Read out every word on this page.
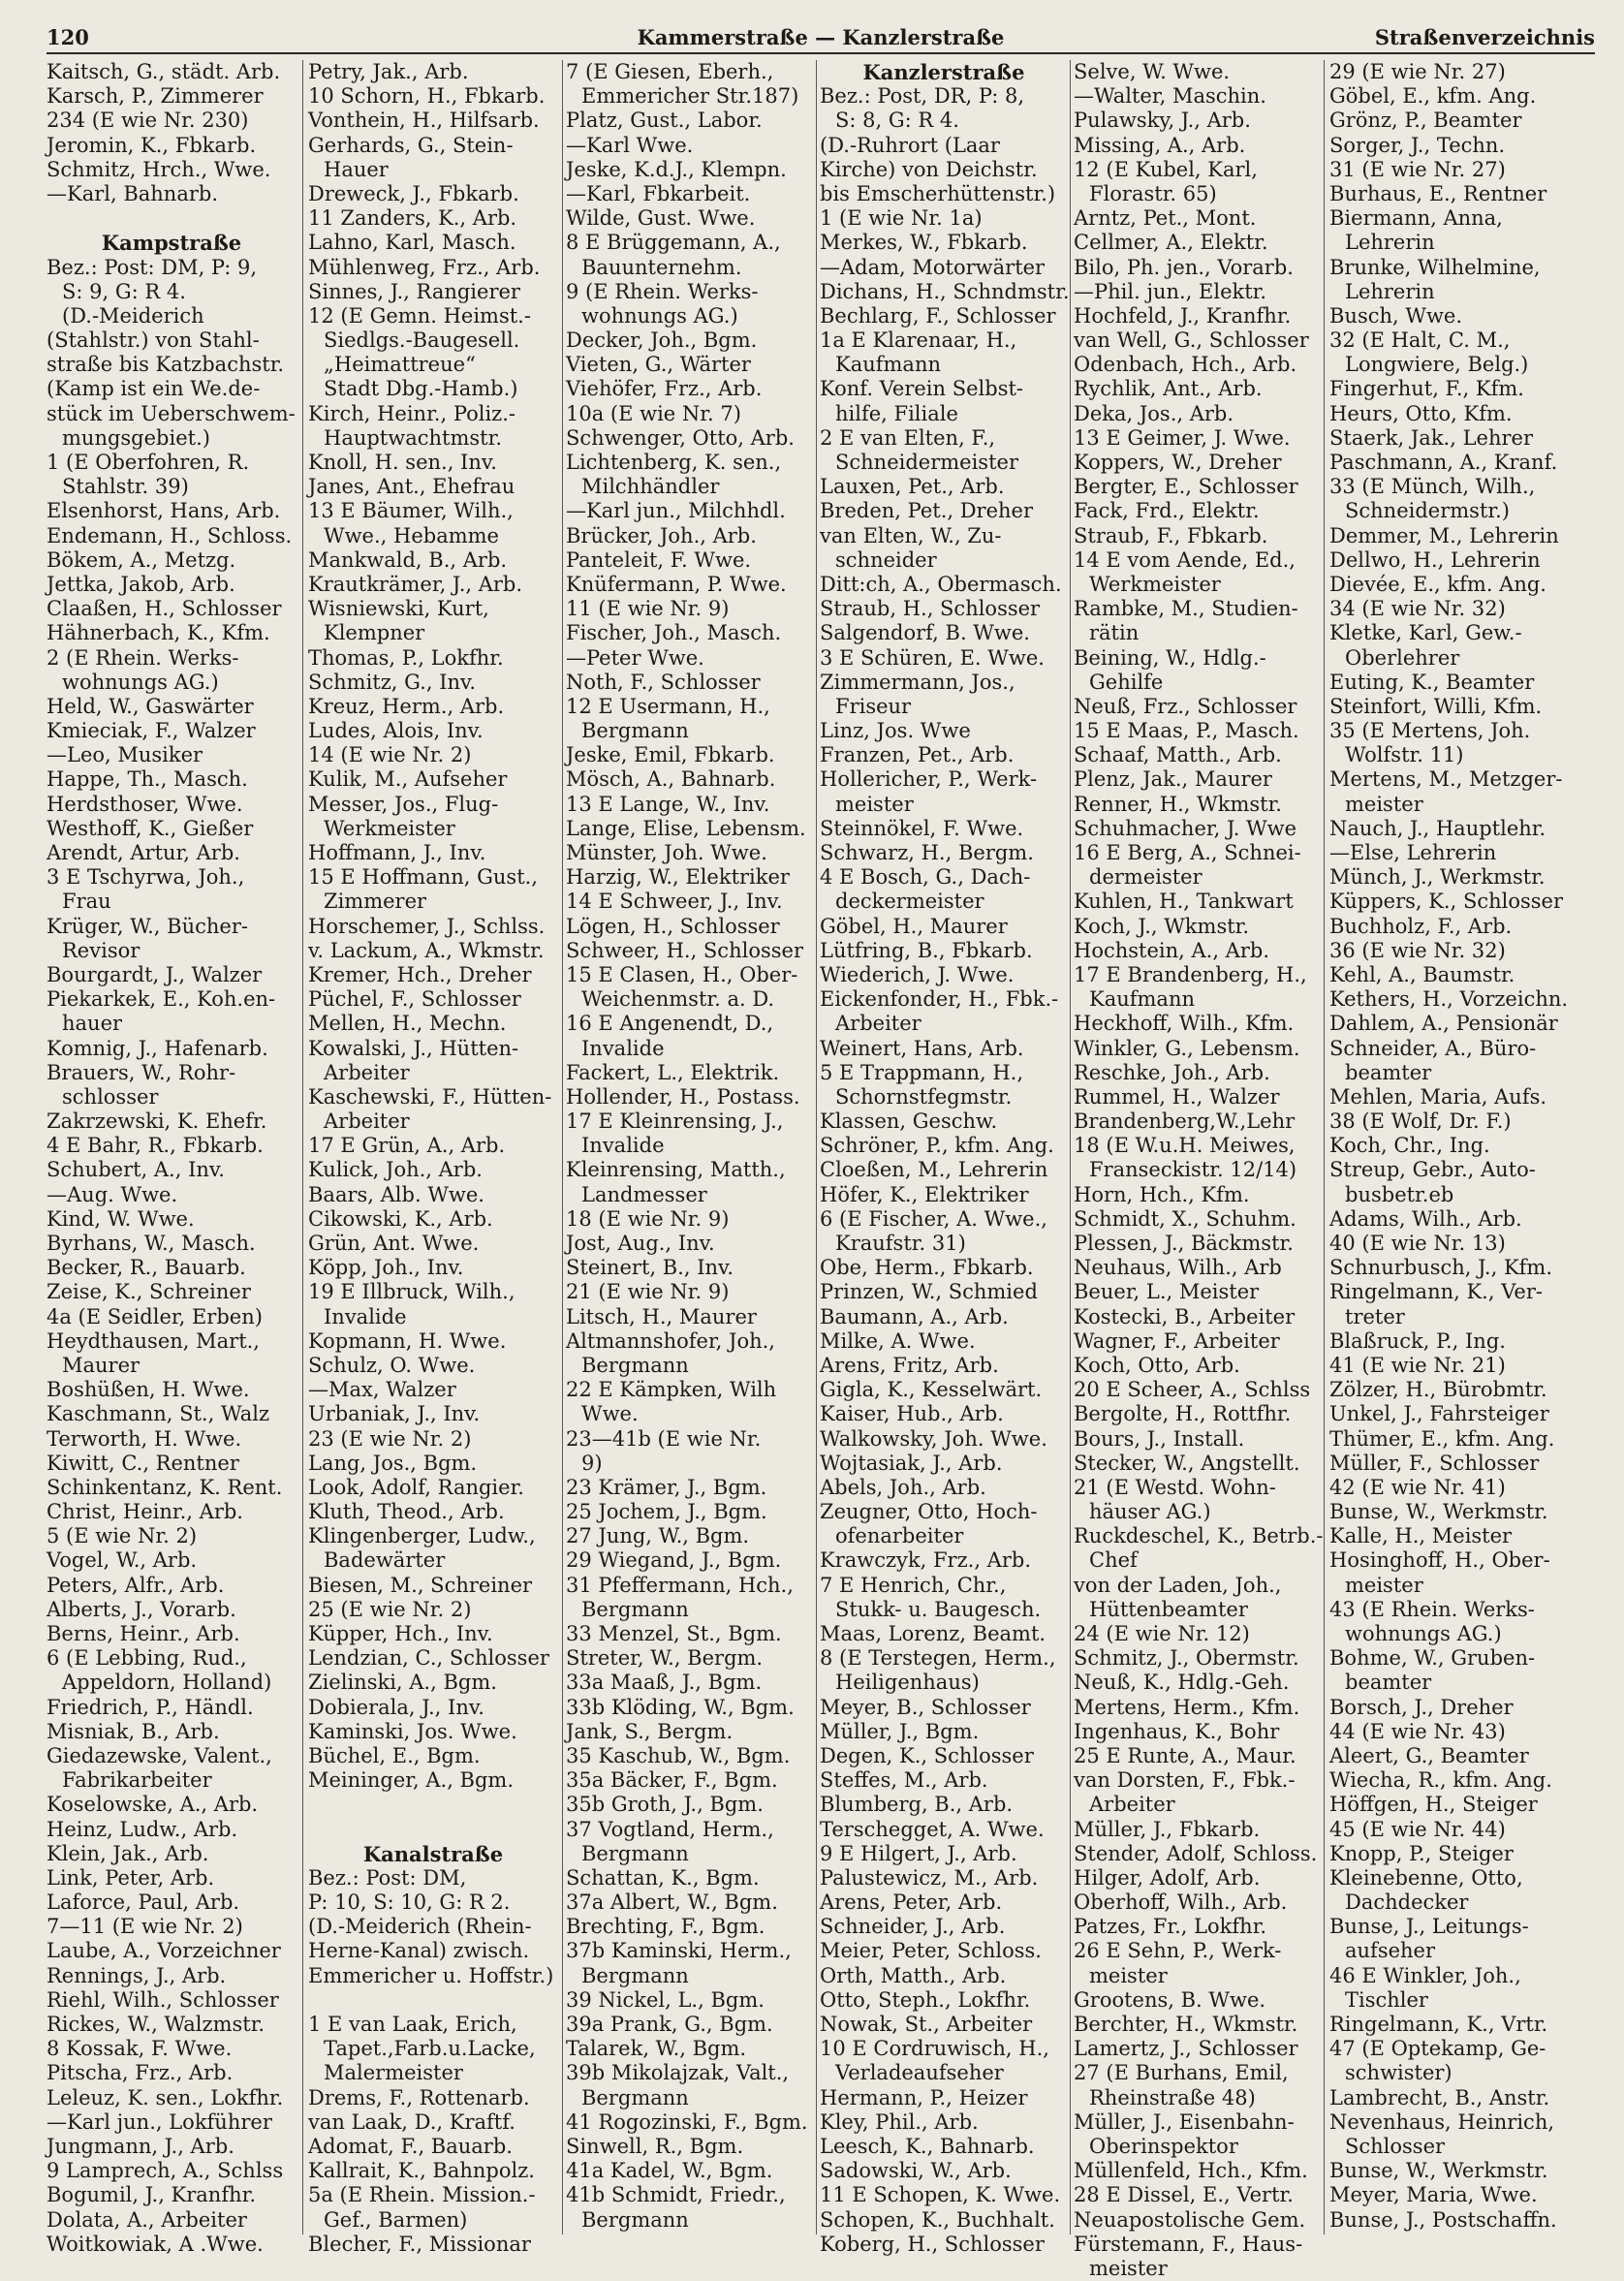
120	Kammerstraße — Kanzlerstraße	Straßenverzeichnis
Kaitsch, G., städt. Arb.
Karsch, P., Zimmerer
234 (E wie Nr. 230)
Jeromin, K., Fbkarb.
Schmitz, Hrch., Wwe.
—Karl, Bahnarb.
Kampstraße
Bez.: Post: DM, P: 9,
S: 9, G: R 4.
(D.-Meiderich
(Stahlstr.) von Stahl-
straße bis Katzbachstr.
(Kamp ist ein We.de-
stück im Ueberschwem-
mungsgebiet.)
1 (E Oberfohren, R.
Stahlstr. 39)
Elsenhorst, Hans, Arb.
Endemann, H., Schloss.
Bökem, A., Metzg.
Jettka, Jakob, Arb.
Claaßen, H., Schlosser
Hähnerbach, K., Kfm.
2 (E Rhein. Werks-
wohnungs AG.)
Held, W., Gaswärter
Kmieciak, F., Walzer
—Leo, Musiker
Happe, Th., Masch.
Herdsthoser, Wwe.
Westhoff, K., Gießer
Arendt, Artur, Arb.
3 E Tschyrwa, Joh.,
Frau
Krüger, W., Bücher-
Revisor
Bourgardt, J., Walzer
Piekarkek, E., Koh.en-
hauer
Komnig, J., Hafenarb.
Brauers, W., Rohr-
schlosser
Zakrzewski, K. Ehefr.
4 E Bahr, R., Fbkarb.
Schubert, A., Inv.
—Aug. Wwe.
Kind, W. Wwe.
Byrhans, W., Masch.
Becker, R., Bauarb.
Zeise, K., Schreiner
4a (E Seidler, Erben)
Heydthausen, Mart.,
Maurer
Boshüßen, H. Wwe.
Kaschmann, St., Walz
Terworth, H. Wwe.
Kiwitt, C., Rentner
Schinkentanz, K. Rent.
Christ, Heinr., Arb.
5 (E wie Nr. 2)
Vogel, W., Arb.
Peters, Alfr., Arb.
Alberts, J., Vorarb.
Berns, Heinr., Arb.
6 (E Lebbing, Rud.,
Appeldorn, Holland)
Friedrich, P., Händl.
Misniak, B., Arb.
Giedazewske, Valent.,
Fabrikarbeiter
Koselowske, A., Arb.
Heinz, Ludw., Arb.
Klein, Jak., Arb.
Link, Peter, Arb.
Laforce, Paul, Arb.
7—11 (E wie Nr. 2)
Laube, A., Vorzeichner
Rennings, J., Arb.
Riehl, Wilh., Schlosser
Rickes, W., Walzmstr.
8 Kossak, F. Wwe.
Pitscha, Frz., Arb.
Leleuz, K. sen., Lokfhr.
—Karl jun., Lokführer
Jungmann, J., Arb.
9 Lamprech, A., Schlss
Bogumil, J., Kranfhr.
Dolata, A., Arbeiter
Woitkowiak, A .Wwe.
Petry, Jak., Arb.
10 Schorn, H., Fbkarb.
Vonthein, H., Hilfsarb.
Gerhards, G., Stein-
Hauer
Dreweck, J., Fbkarb.
11 Zanders, K., Arb.
Lahno, Karl, Masch.
Mühlenweg, Frz., Arb.
Sinnes, J., Rangierer
12 (E Gemn. Heimst.-
Siedlgs.-Baugesell.
„Heimattreue“
Stadt Dbg.-Hamb.)
Kirch, Heinr., Poliz.-
Hauptwachtmstr.
Knoll, H. sen., Inv.
Janes, Ant., Ehefrau
13 E Bäumer, Wilh.,
Wwe., Hebamme
Mankwald, B., Arb.
Krautkrämer, J., Arb.
Wisniewski, Kurt,
Klempner
Thomas, P., Lokfhr.
Schmitz, G., Inv.
Kreuz, Herm., Arb.
Ludes, Alois, Inv.
14 (E wie Nr. 2)
Kulik, M., Aufseher
Messer, Jos., Flug-
Werkmeister
Hoffmann, J., Inv.
15 E Hoffmann, Gust.,
Zimmerer
Horschemer, J., Schlss.
v. Lackum, A., Wkmstr.
Kremer, Hch., Dreher
Püchel, F., Schlosser
Mellen, H., Mechn.
Kowalski, J., Hütten-
Arbeiter
Kaschewski, F., Hütten-
Arbeiter
17 E Grün, A., Arb.
Kulick, Joh., Arb.
Baars, Alb. Wwe.
Cikowski, K., Arb.
Grün, Ant. Wwe.
Köpp, Joh., Inv.
19 E Illbruck, Wilh.,
Invalide
Kopmann, H. Wwe.
Schulz, O. Wwe.
—Max, Walzer
Urbaniak, J., Inv.
23 (E wie Nr. 2)
Lang, Jos., Bgm.
Look, Adolf, Rangier.
Kluth, Theod., Arb.
Klingenberger, Ludw.,
Badewärter
Biesen, M., Schreiner
25 (E wie Nr. 2)
Küpper, Hch., Inv.
Lendzian, C., Schlosser
Zielinski, A., Bgm.
Dobierala, J., Inv.
Kaminski, Jos. Wwe.
Büchel, E., Bgm.
Meininger, A., Bgm.
Kanalstraße
Bez.: Post: DM,
P: 10, S: 10, G: R 2.
(D.-Meiderich (Rhein-
Herne-Kanal) zwisch.
Emmericher u. Hoffstr.)
1 E van Laak, Erich,
Tapet.,Farb.u.Lacke,
Malermeister
Drems, F., Rottenarb.
van Laak, D., Kraftf.
Adomat, F., Bauarb.
Kallrait, K., Bahnpolz.
5a (E Rhein. Mission.-
Gef., Barmen)
Blecher, F., Missionar
7 (E Giesen, Eberh.,
Emmericher Str.187)
Platz, Gust., Labor.
—Karl Wwe.
Jeske, K.d.J., Klempn.
—Karl, Fbkarbeit.
Wilde, Gust. Wwe.
8 E Brüggemann, A.,
Bauunternehm.
9 (E Rhein. Werks-
wohnungs AG.)
Decker, Joh., Bgm.
Vieten, G., Wärter
Viehöfer, Frz., Arb.
10a (E wie Nr. 7)
Schwenger, Otto, Arb.
Lichtenberg, K. sen.,
Milchhändler
—Karl jun., Milchhdl.
Brücker, Joh., Arb.
Panteleit, F. Wwe.
Knüfermann, P. Wwe.
11 (E wie Nr. 9)
Fischer, Joh., Masch.
—Peter Wwe.
Noth, F., Schlosser
12 E Usermann, H.,
Bergmann
Jeske, Emil, Fbkarb.
Mösch, A., Bahnarb.
13 E Lange, W., Inv.
Lange, Elise, Lebensm.
Münster, Joh. Wwe.
Harzig, W., Elektriker
14 E Schweer, J., Inv.
Lögen, H., Schlosser
Schweer, H., Schlosser
15 E Clasen, H., Ober-
Weichenmstr. a. D.
16 E Angenendt, D.,
Invalide
Fackert, L., Elektrik.
Hollender, H., Postass.
17 E Kleinrensing, J.,
Invalide
Kleinrensing, Matth.,
Landmesser
18 (E wie Nr. 9)
Jost, Aug., Inv.
Steinert, B., Inv.
21 (E wie Nr. 9)
Litsch, H., Maurer
Altmannshofer, Joh.,
Bergmann
22 E Kämpken, Wilh
Wwe.
23—41b (E wie Nr.
9)
23 Krämer, J., Bgm.
25 Jochem, J., Bgm.
27 Jung, W., Bgm.
29 Wiegand, J., Bgm.
31 Pfeffermann, Hch.,
Bergmann
33 Menzel, St., Bgm.
Streter, W., Bergm.
33a Maaß, J., Bgm.
33b Klöding, W., Bgm.
Jank, S., Bergm.
35 Kaschub, W., Bgm.
35a Bäcker, F., Bgm.
35b Groth, J., Bgm.
37 Vogtland, Herm.,
Bergmann
Schattan, K., Bgm.
37a Albert, W., Bgm.
Brechting, F., Bgm.
37b Kaminski, Herm.,
Bergmann
39 Nickel, L., Bgm.
39a Prank, G., Bgm.
Talarek, W., Bgm.
39b Mikolajzak, Valt.,
Bergmann
41 Rogozinski, F., Bgm.
Sinwell, R., Bgm.
41a Kadel, W., Bgm.
41b Schmidt, Friedr.,
Bergmann
Kanzlerstraße
Bez.: Post, DR, P: 8,
S: 8, G: R 4.
(D.-Ruhrort (Laar
Kirche) von Deichstr.
bis Emscherhüttenstr.)
1 (E wie Nr. 1a)
Merkes, W., Fbkarb.
—Adam, Motorwärter
Dichans, H., Schndmstr.
Bechlarg, F., Schlosser
1a E Klarenaar, H.,
Kaufmann
Konf. Verein Selbst-
hilfe, Filiale
2 E van Elten, F.,
Schneidermeister
Lauxen, Pet., Arb.
Breden, Pet., Dreher
van Elten, W., Zu-
schneider
Ditt:ch, A., Obermasch.
Straub, H., Schlosser
Salgendorf, B. Wwe.
3 E Schüren, E. Wwe.
Zimmermann, Jos.,
Friseur
Linz, Jos. Wwe
Franzen, Pet., Arb.
Hollericher, P., Werk-
meister
Steinnökel, F. Wwe.
Schwarz, H., Bergm.
4 E Bosch, G., Dach-
deckermeister
Göbel, H., Maurer
Lütfring, B., Fbkarb.
Wiederich, J. Wwe.
Eickenfonder, H., Fbk.-
Arbeiter
Weinert, Hans, Arb.
5 E Trappmann, H.,
Schornstfegmstr.
Klassen, Geschw.
Schröner, P., kfm. Ang.
Cloeßen, M., Lehrerin
Höfer, K., Elektriker
6 (E Fischer, A. Wwe.,
Kraufstr. 31)
Obe, Herm., Fbkarb.
Prinzen, W., Schmied
Baumann, A., Arb.
Milke, A. Wwe.
Arens, Fritz, Arb.
Gigla, K., Kesselwärt.
Kaiser, Hub., Arb.
Walkowsky, Joh. Wwe.
Wojtasiak, J., Arb.
Abels, Joh., Arb.
Zeugner, Otto, Hoch-
ofenarbeiter
Krawczyk, Frz., Arb.
7 E Henrich, Chr.,
Stukk- u. Baugesch.
Maas, Lorenz, Beamt.
8 (E Terstegen, Herm.,
Heiligenhaus)
Meyer, B., Schlosser
Müller, J., Bgm.
Degen, K., Schlosser
Steffes, M., Arb.
Blumberg, B., Arb.
Terschegget, A. Wwe.
9 E Hilgert, J., Arb.
Palustewicz, M., Arb.
Arens, Peter, Arb.
Schneider, J., Arb.
Meier, Peter, Schloss.
Orth, Matth., Arb.
Otto, Steph., Lokfhr.
Nowak, St., Arbeiter
10 E Cordruwisch, H.,
Verladeaufseher
Hermann, P., Heizer
Kley, Phil., Arb.
Leesch, K., Bahnarb.
Sadowski, W., Arb.
11 E Schopen, K. Wwe.
Schopen, K., Buchhalt.
Koberg, H., Schlosser
Selve, W. Wwe.
—Walter, Maschin.
Pulawsky, J., Arb.
Missing, A., Arb.
12 (E Kubel, Karl,
Florastr. 65)
Arntz, Pet., Mont.
Cellmer, A., Elektr.
Bilo, Ph. jen., Vorarb.
—Phil. jun., Elektr.
Hochfeld, J., Kranfhr.
van Well, G., Schlosser
Odenbach, Hch., Arb.
Rychlik, Ant., Arb.
Deka, Jos., Arb.
13 E Geimer, J. Wwe.
Koppers, W., Dreher
Bergter, E., Schlosser
Fack, Frd., Elektr.
Straub, F., Fbkarb.
14 E vom Aende, Ed.,
Werkmeister
Rambke, M., Studien-
rätin
Beining, W., Hdlg.-
Gehilfe
Neuß, Frz., Schlosser
15 E Maas, P., Masch.
Schaaf, Matth., Arb.
Plenz, Jak., Maurer
Renner, H., Wkmstr.
Schuhmacher, J. Wwe
16 E Berg, A., Schnei-
dermeister
Kuhlen, H., Tankwart
Koch, J., Wkmstr.
Hochstein, A., Arb.
17 E Brandenberg, H.,
Kaufmann
Heckhoff, Wilh., Kfm.
Winkler, G., Lebensm.
Reschke, Joh., Arb.
Rummel, H., Walzer
Brandenberg,W.,Lehr
18 (E W.u.H. Meiwes,
Franseckistr. 12/14)
Horn, Hch., Kfm.
Schmidt, X., Schuhm.
Plessen, J., Bäckmstr.
Neuhaus, Wilh., Arb
Beuer, L., Meister
Kostecki, B., Arbeiter
Wagner, F., Arbeiter
Koch, Otto, Arb.
20 E Scheer, A., Schlss
Bergolte, H., Rottfhr.
Bours, J., Install.
Stecker, W., Angstellt.
21 (E Westd. Wohn-
häuser AG.)
Ruckdeschel, K., Betrb.-
Chef
von der Laden, Joh.,
Hüttenbeamter
24 (E wie Nr. 12)
Schmitz, J., Obermstr.
Neuß, K., Hdlg.-Geh.
Mertens, Herm., Kfm.
Ingenhaus, K., Bohr
25 E Runte, A., Maur.
van Dorsten, F., Fbk.-
Arbeiter
Müller, J., Fbkarb.
Stender, Adolf, Schloss.
Hilger, Adolf, Arb.
Oberhoff, Wilh., Arb.
Patzes, Fr., Lokfhr.
26 E Sehn, P., Werk-
meister
Grootens, B. Wwe.
Berchter, H., Wkmstr.
Lamertz, J., Schlosser
27 (E Burhans, Emil,
Rheinstraße 48)
Müller, J., Eisenbahn-
Oberinspektor
Müllenfeld, Hch., Kfm.
28 E Dissel, E., Vertr.
Neuapostolische Gem.
Fürstemann, F., Haus-
meister
29 (E wie Nr. 27)
Göbel, E., kfm. Ang.
Grönz, P., Beamter
Sorger, J., Techn.
31 (E wie Nr. 27)
Burhaus, E., Rentner
Biermann, Anna,
Lehrerin
Brunke, Wilhelmine,
Lehrerin
Busch, Wwe.
32 (E Halt, C. M.,
Longwiere, Belg.)
Fingerhut, F., Kfm.
Heurs, Otto, Kfm.
Staerk, Jak., Lehrer
Paschmann, A., Kranf.
33 (E Münch, Wilh.,
Schneidermstr.)
Demmer, M., Lehrerin
Dellwo, H., Lehrerin
Dievée, E., kfm. Ang.
34 (E wie Nr. 32)
Kletke, Karl, Gew.-
Oberlehrer
Euting, K., Beamter
Steinfort, Willi, Kfm.
35 (E Mertens, Joh.
Wolfstr. 11)
Mertens, M., Metzger-
meister
Nauch, J., Hauptlehr.
—Else, Lehrerin
Münch, J., Werkmstr.
Küppers, K., Schlosser
Buchholz, F., Arb.
36 (E wie Nr. 32)
Kehl, A., Baumstr.
Kethers, H., Vorzeichn.
Dahlem, A., Pensionär
Schneider, A., Büro-
beamter
Mehlen, Maria, Aufs.
38 (E Wolf, Dr. F.)
Koch, Chr., Ing.
Streup, Gebr., Auto-
busbetr.eb
Adams, Wilh., Arb.
40 (E wie Nr. 13)
Schnurbusch, J., Kfm.
Ringelmann, K., Ver-
treter
Blaßruck, P., Ing.
41 (E wie Nr. 21)
Zölzer, H., Bürobmtr.
Unkel, J., Fahrsteiger
Thümer, E., kfm. Ang.
Müller, F., Schlosser
42 (E wie Nr. 41)
Bunse, W., Werkmstr.
Kalle, H., Meister
Hosinghoff, H., Ober-
meister
43 (E Rhein. Werks-
wohnungs AG.)
Bohme, W., Gruben-
beamter
Borsch, J., Dreher
44 (E wie Nr. 43)
Aleert, G., Beamter
Wiecha, R., kfm. Ang.
Höffgen, H., Steiger
45 (E wie Nr. 44)
Knopp, P., Steiger
Kleinebenne, Otto,
Dachdecker
Bunse, J., Leitungs-
aufseher
46 E Winkler, Joh.,
Tischler
Ringelmann, K., Vrtr.
47 (E Optekamp, Ge-
schwister)
Lambrecht, B., Anstr.
Nevenhaus, Heinrich,
Schlosser
Bunse, W., Werkmstr.
Meyer, Maria, Wwe.
Bunse, J., Postschaffn.
